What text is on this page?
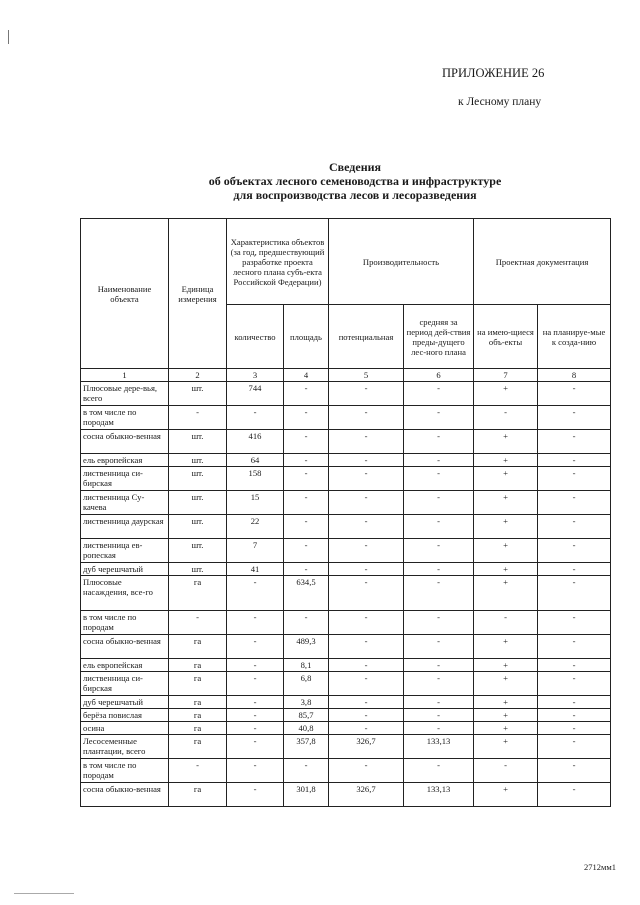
ПРИЛОЖЕНИЕ 26
к Лесному плану
Сведения
об объектах лесного семеноводства и инфраструктуре
для воспроизводства лесов и лесоразведения
Наименование объекта	Единица измерения	Характеристика объектов (за год, предшествующий разработке проекта лесного плана субъ-екта Российской Федерации)		Производительность		Проектная документация	
		количество	площадь	потенциальная	средняя за период дей-ствия преды-дущего лес-ного плана	на имею-щиеся объ-екты	на планируе-мые к созда-нию
1	2	3	4	5	6	7	8
Плюсовые дере-вья, всего	шт.	744	-	-	-	+	-
в том числе по породам	-	-	-	-	-	-	-
сосна обыкно-венная	шт.	416	-	-	-	+	-
ель европейская	шт.	64	-	-	-	+	-
лиственница си-бирская	шт.	158	-	-	-	+	-
лиственница Су-качева	шт.	15	-	-	-	+	-
лиственница даурская	шт.	22	-	-	-	+	-
лиственница ев-ропеская	шт.	7	-	-	-	+	-
дуб черешчатый	шт.	41	-	-	-	+	-
Плюсовые насаждения, все-го	га	-	634,5	-	-	+	-
в том числе по породам	-	-	-	-	-	-	-
сосна обыкно-венная	га	-	489,3	-	-	+	-
ель европейская	га	-	8,1	-	-	+	-
лиственница си-бирская	га	-	6,8	-	-	+	-
дуб черешчатый	га	-	3,8	-	-	+	-
берёза повислая	га	-	85,7	-	-	+	-
осина	га	-	40,8	-	-	+	-
Лесосеменные плантации, всего	га	-	357,8	326,7	133,13	+	-
в том числе по породам	-	-	-	-	-	-	-
сосна обыкно-венная	га	-	301,8	326,7	133,13	+	-
2712мм1
